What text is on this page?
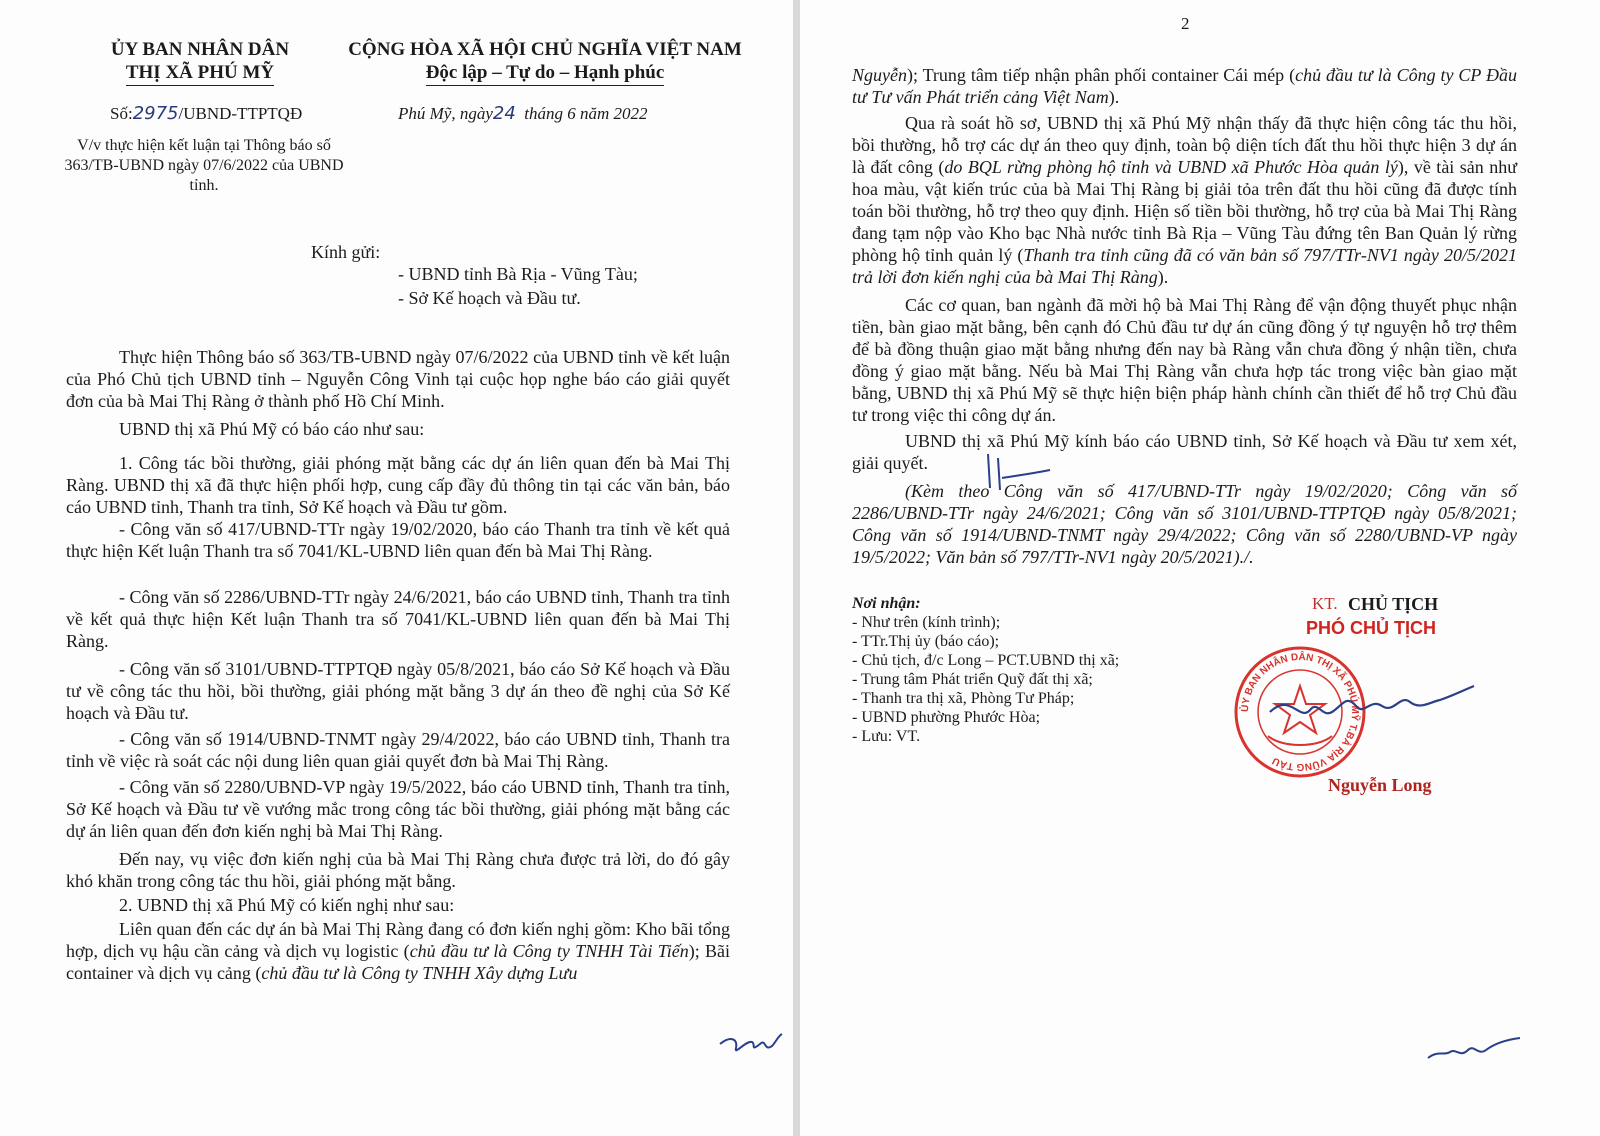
ỦY BAN NHÂN DÂN
THỊ XÃ PHÚ MỸ
CỘNG HÒA XÃ HỘI CHỦ NGHĨA VIỆT NAM
Độc lập – Tự do – Hạnh phúc
Số:2975/UBND-TTPTQĐ	Phú Mỹ, ngày24 tháng 6 năm 2022
V/v thực hiện kết luận tại Thông báo số 363/TB-UBND ngày 07/6/2022 của UBND tỉnh.
Kính gửi:
- UBND tỉnh Bà Rịa - Vũng Tàu;
- Sở Kế hoạch và Đầu tư.
Thực hiện Thông báo số 363/TB-UBND ngày 07/6/2022 của UBND tỉnh về kết luận của Phó Chủ tịch UBND tỉnh – Nguyễn Công Vinh tại cuộc họp nghe báo cáo giải quyết đơn của bà Mai Thị Ràng ở thành phố Hồ Chí Minh.
UBND thị xã Phú Mỹ có báo cáo như sau:
1. Công tác bồi thường, giải phóng mặt bằng các dự án liên quan đến bà Mai Thị Ràng. UBND thị xã đã thực hiện phối hợp, cung cấp đầy đủ thông tin tại các văn bản, báo cáo UBND tỉnh, Thanh tra tỉnh, Sở Kế hoạch và Đầu tư gồm.
- Công văn số 417/UBND-TTr ngày 19/02/2020, báo cáo Thanh tra tỉnh về kết quả thực hiện Kết luận Thanh tra số 7041/KL-UBND liên quan đến bà Mai Thị Ràng.
- Công văn số 2286/UBND-TTr ngày 24/6/2021, báo cáo UBND tỉnh, Thanh tra tỉnh về kết quả thực hiện Kết luận Thanh tra số 7041/KL-UBND liên quan đến bà Mai Thị Ràng.
- Công văn số 3101/UBND-TTPTQĐ ngày 05/8/2021, báo cáo Sở Kế hoạch và Đầu tư về công tác thu hồi, bồi thường, giải phóng mặt bằng 3 dự án theo đề nghị của Sở Kế hoạch và Đầu tư.
- Công văn số 1914/UBND-TNMT ngày 29/4/2022, báo cáo UBND tỉnh, Thanh tra tỉnh về việc rà soát các nội dung liên quan giải quyết đơn bà Mai Thị Ràng.
- Công văn số 2280/UBND-VP ngày 19/5/2022, báo cáo UBND tỉnh, Thanh tra tỉnh, Sở Kế hoạch và Đầu tư về vướng mắc trong công tác bồi thường, giải phóng mặt bằng các dự án liên quan đến đơn kiến nghị bà Mai Thị Ràng.
Đến nay, vụ việc đơn kiến nghị của bà Mai Thị Ràng chưa được trả lời, do đó gây khó khăn trong công tác thu hồi, giải phóng mặt bằng.
2. UBND thị xã Phú Mỹ có kiến nghị như sau:
Liên quan đến các dự án bà Mai Thị Ràng đang có đơn kiến nghị gồm: Kho bãi tổng hợp, dịch vụ hậu cần cảng và dịch vụ logistic (chủ đầu tư là Công ty TNHH Tài Tiến); Bãi container và dịch vụ cảng (chủ đầu tư là Công ty TNHH Xây dựng Lưu
2
Nguyễn); Trung tâm tiếp nhận phân phối container Cái mép (chủ đầu tư là Công ty CP Đầu tư Tư vấn Phát triển cảng Việt Nam).
Qua rà soát hồ sơ, UBND thị xã Phú Mỹ nhận thấy đã thực hiện công tác thu hồi, bồi thường, hỗ trợ các dự án theo quy định, toàn bộ diện tích đất thu hồi thực hiện 3 dự án là đất công (do BQL rừng phòng hộ tỉnh và UBND xã Phước Hòa quản lý), về tài sản như hoa màu, vật kiến trúc của bà Mai Thị Ràng bị giải tỏa trên đất thu hồi cũng đã được tính toán bồi thường, hỗ trợ theo quy định. Hiện số tiền bồi thường, hỗ trợ của bà Mai Thị Ràng đang tạm nộp vào Kho bạc Nhà nước tỉnh Bà Rịa – Vũng Tàu đứng tên Ban Quản lý rừng phòng hộ tỉnh quản lý (Thanh tra tỉnh cũng đã có văn bản số 797/TTr-NV1 ngày 20/5/2021 trả lời đơn kiến nghị của bà Mai Thị Ràng).
Các cơ quan, ban ngành đã mời hộ bà Mai Thị Ràng để vận động thuyết phục nhận tiền, bàn giao mặt bằng, bên cạnh đó Chủ đầu tư dự án cũng đồng ý tự nguyện hỗ trợ thêm để bà đồng thuận giao mặt bằng nhưng đến nay bà Ràng vẫn chưa đồng ý nhận tiền, chưa đồng ý giao mặt bằng. Nếu bà Mai Thị Ràng vẫn chưa hợp tác trong việc bàn giao mặt bằng, UBND thị xã Phú Mỹ sẽ thực hiện biện pháp hành chính cần thiết để hỗ trợ Chủ đầu tư trong việc thi công dự án.
UBND thị xã Phú Mỹ kính báo cáo UBND tỉnh, Sở Kế hoạch và Đầu tư xem xét, giải quyết.
(Kèm theo Công văn số 417/UBND-TTr ngày 19/02/2020; Công văn số 2286/UBND-TTr ngày 24/6/2021; Công văn số 3101/UBND-TTPTQĐ ngày 05/8/2021; Công văn số 1914/UBND-TNMT ngày 29/4/2022; Công văn số 2280/UBND-VP ngày 19/5/2022; Văn bản số 797/TTr-NV1 ngày 20/5/2021)./.
Nơi nhận:
- Như trên (kính trình);
- TTr.Thị ủy (báo cáo);
- Chủ tịch, đ/c Long – PCT.UBND thị xã;
- Trung tâm Phát triển Quỹ đất thị xã;
- Thanh tra thị xã, Phòng Tư Pháp;
- UBND phường Phước Hòa;
- Lưu: VT.
KT. CHỦ TỊCH
PHÓ CHỦ TỊCH
ỦY BAN NHÂN DÂN THỊ XÃ PHÚ MỸ T.BÀ RỊA VŨNG TÀU
Nguyễn Long
